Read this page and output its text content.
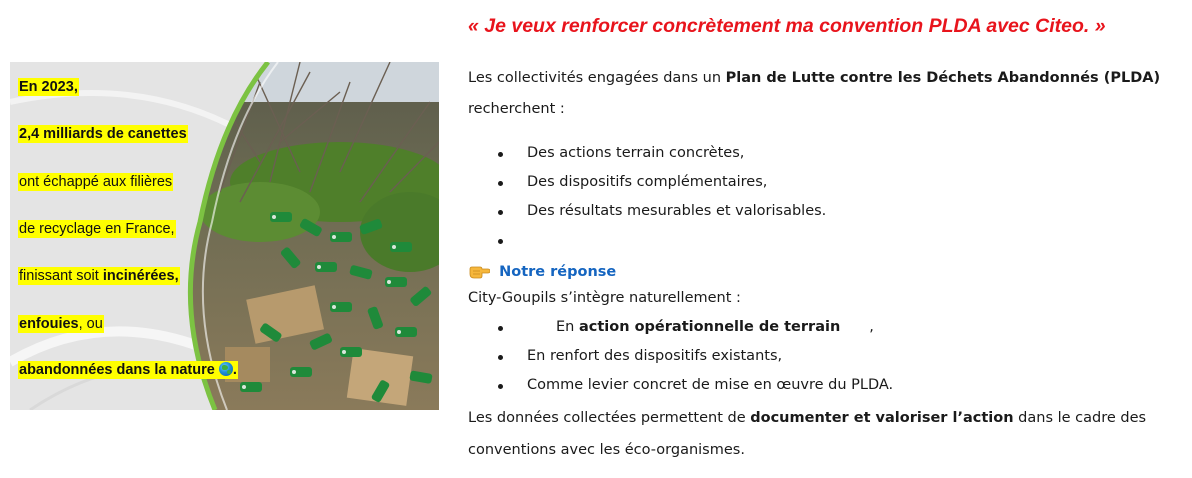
En 2023,
2,4 milliards de canettes
ont échappé aux filières
de recyclage en France,
finissant soit incinérées,
enfouies, ou
abandonnées dans la nature .
« Je veux renforcer concrètement ma convention PLDA avec Citeo. »
Les collectivités engagées dans un Plan de Lutte contre les Déchets Abandonnés (PLDA)
recherchent :
Des actions terrain concrètes,
Des dispositifs complémentaires,
Des résultats mesurables et valorisables.
Notre réponse
City-Goupils s’intègre naturellement :
En action opérationnelle de terrain ,
En renfort des dispositifs existants,
Comme levier concret de mise en œuvre du PLDA.
Les données collectées permettent de documenter et valoriser l’action dans le cadre des
conventions avec les éco-organismes.
